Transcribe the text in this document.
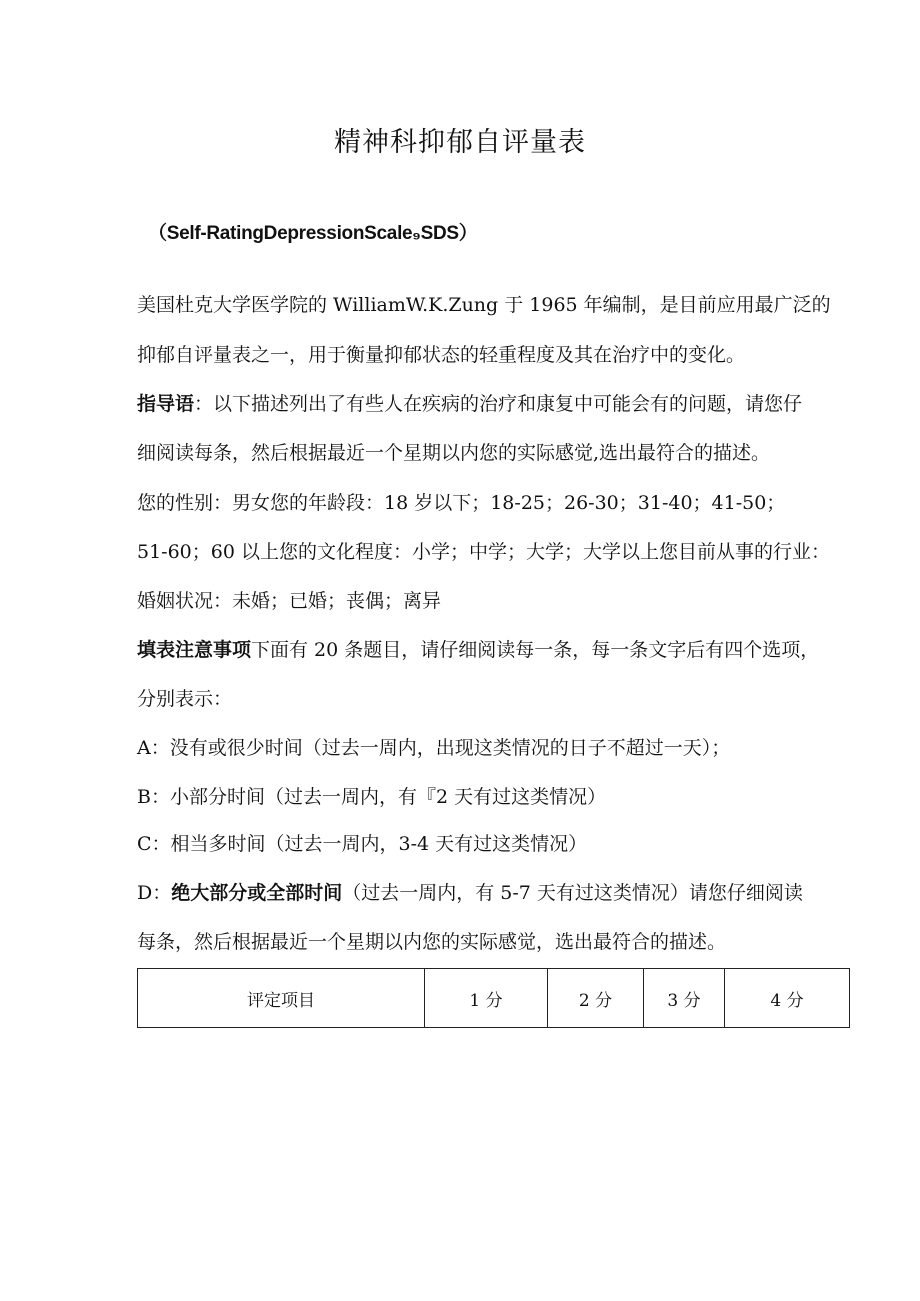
精神科抑郁自评量表
（Self-RatingDepressionScale₉SDS）
美国杜克大学医学院的 WilliamW.K.Zung 于 1965 年编制，是目前应用最广泛的
抑郁自评量表之一，用于衡量抑郁状态的轻重程度及其在治疗中的变化。
指导语：以下描述列出了有些人在疾病的治疗和康复中可能会有的问题，请您仔
细阅读每条，然后根据最近一个星期以内您的实际感觉,选出最符合的描述。
您的性别：男女您的年龄段：18 岁以下；18-25；26-30；31-40；41-50；
51-60；60 以上您的文化程度：小学；中学；大学；大学以上您目前从事的行业：
婚姻状况：未婚；已婚；丧偶；离异
填表注意事项下面有 20 条题目，请仔细阅读每一条，每一条文字后有四个选项，
分别表示：
A：没有或很少时间（过去一周内，出现这类情况的日子不超过一天）；
B：小部分时间（过去一周内，有『2 天有过这类情况）
C：相当多时间（过去一周内，3-4 天有过这类情况）
D：绝大部分或全部时间（过去一周内，有 5-7 天有过这类情况）请您仔细阅读
每条，然后根据最近一个星期以内您的实际感觉，选出最符合的描述。
评定项目	1 分	2 分	3 分	4 分
